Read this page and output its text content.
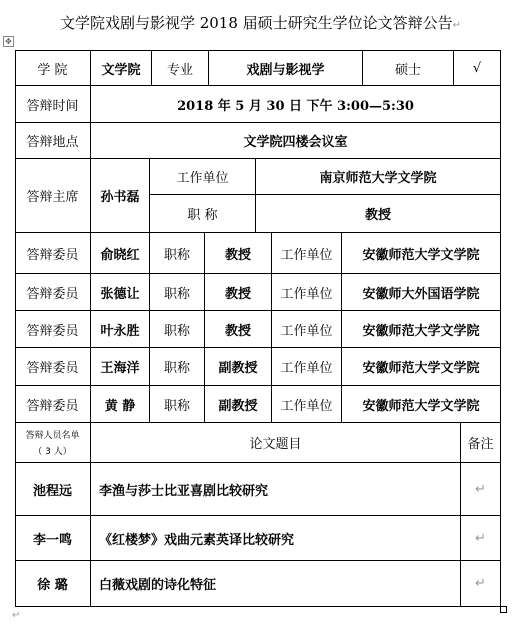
文学院戏剧与影视学 2018 届硕士研究生学位论文答辩公告↵
✥
学 院	文学院	专业	戏剧与影视学	硕士	√
答辩时间	2018 年 5 月 30 日 下午 3:00—5:30
答辩地点	文学院四楼会议室
答辩主席	孙书磊
工作单位	南京师范大学文学院
职 称	教授
答辩委员	俞晓红	职称	教授	工作单位	安徽师范大学文学院
答辩委员	张德让	职称	教授	工作单位	安徽师大外国语学院
答辩委员	叶永胜	职称	教授	工作单位	安徽师范大学文学院
答辩委员	王海洋	职称	副教授	工作单位	安徽师范大学文学院
答辩委员	黄 静	职称	副教授	工作单位	安徽师范大学文学院
答辩人员名单
（ 3 人）	论文题目	备注
池程远	李渔与莎士比亚喜剧比较研究	↵
李一鸣	《红楼梦》戏曲元素英译比较研究	↵
徐 璐	白薇戏剧的诗化特征	↵
↵
